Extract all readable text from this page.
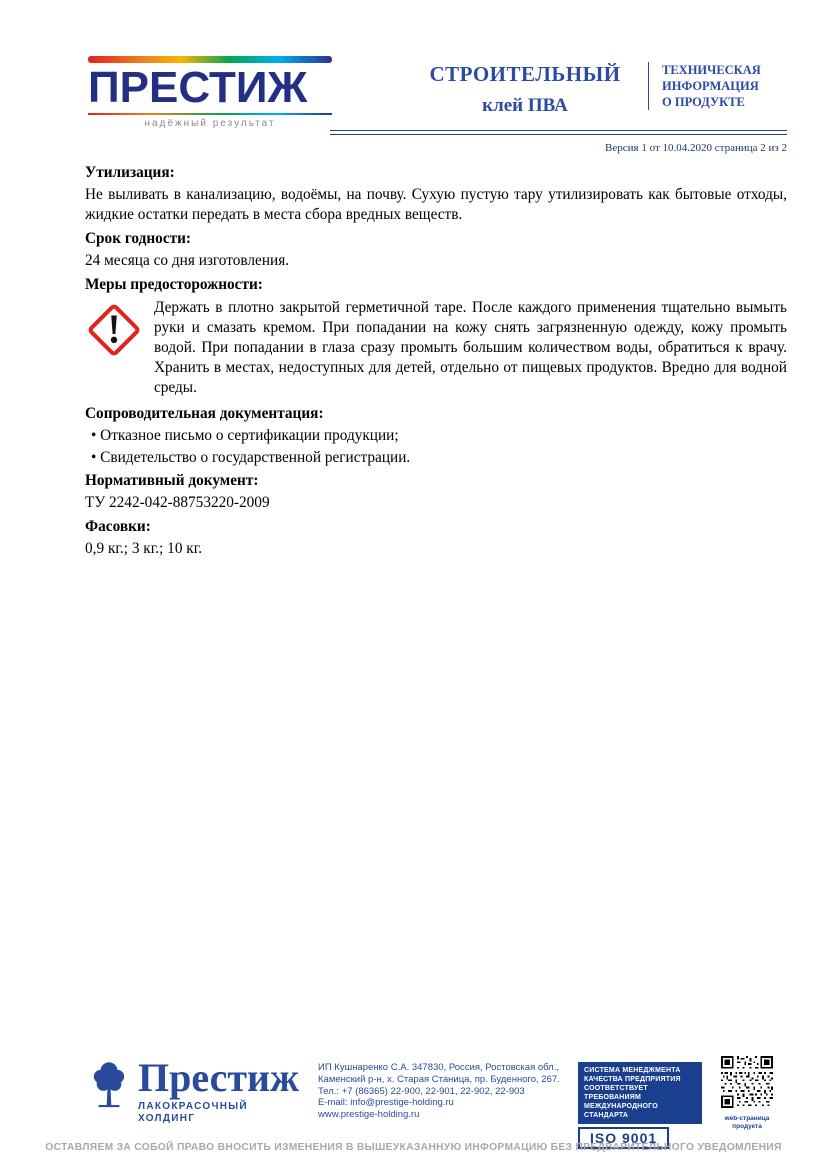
ПРЕСТИЖ
надёжный результат
СТРОИТЕЛЬНЫЙ
клей ПВА
ТЕХНИЧЕСКАЯ
ИНФОРМАЦИЯ
О ПРОДУКТЕ
Версия 1 от 10.04.2020 страница 2 из 2
Утилизация:

Не выливать в канализацию, водоёмы, на почву. Сухую пустую тару утилизировать как бытовые отходы, жидкие остатки передать в места сбора вредных веществ.

Срок годности:

24 месяца со дня изготовления.

Меры предосторожности:
Держать в плотно закрытой герметичной таре. После каждого применения тщательно вымыть руки и смазать кремом. При попадании на кожу снять загрязненную одежду, кожу промыть водой. При попадании в глаза сразу промыть большим количеством воды, обратиться к врачу. Хранить в местах, недоступных для детей, отдельно от пищевых продуктов. Вредно для водной среды.
Сопроводительная документация:

• Отказное письмо о сертификации продукции;

• Свидетельство о государственной регистрации.

Нормативный документ:

ТУ 2242-042-88753220-2009

Фасовки:

0,9 кг.; 3 кг.; 10 кг.

Престиж
ЛАКОКРАСОЧНЫЙ
ХОЛДИНГ
ИП Кушнаренко С.А. 347830, Россия, Ростовская обл.,
Каменский р-н, х. Старая Станица, пр. Буденного, 267.
Тел.: +7 (86365) 22-900, 22-901, 22-902, 22-903
E-mail: info@prestige-holding.ru
www.prestige-holding.ru
СИСТЕМА МЕНЕДЖМЕНТА
КАЧЕСТВА ПРЕДПРИЯТИЯ
СООТВЕТСТВУЕТ ТРЕБОВАНИЯМ
МЕЖДУНАРОДНОГО СТАНДАРТА
ISO 9001
web-страница
продукта
ОСТАВЛЯЕМ ЗА СОБОЙ ПРАВО ВНОСИТЬ ИЗМЕНЕНИЯ В ВЫШЕУКАЗАННУЮ ИНФОРМАЦИЮ БЕЗ ПРЕДВАРИТЕЛЬНОГО УВЕДОМЛЕНИЯ
